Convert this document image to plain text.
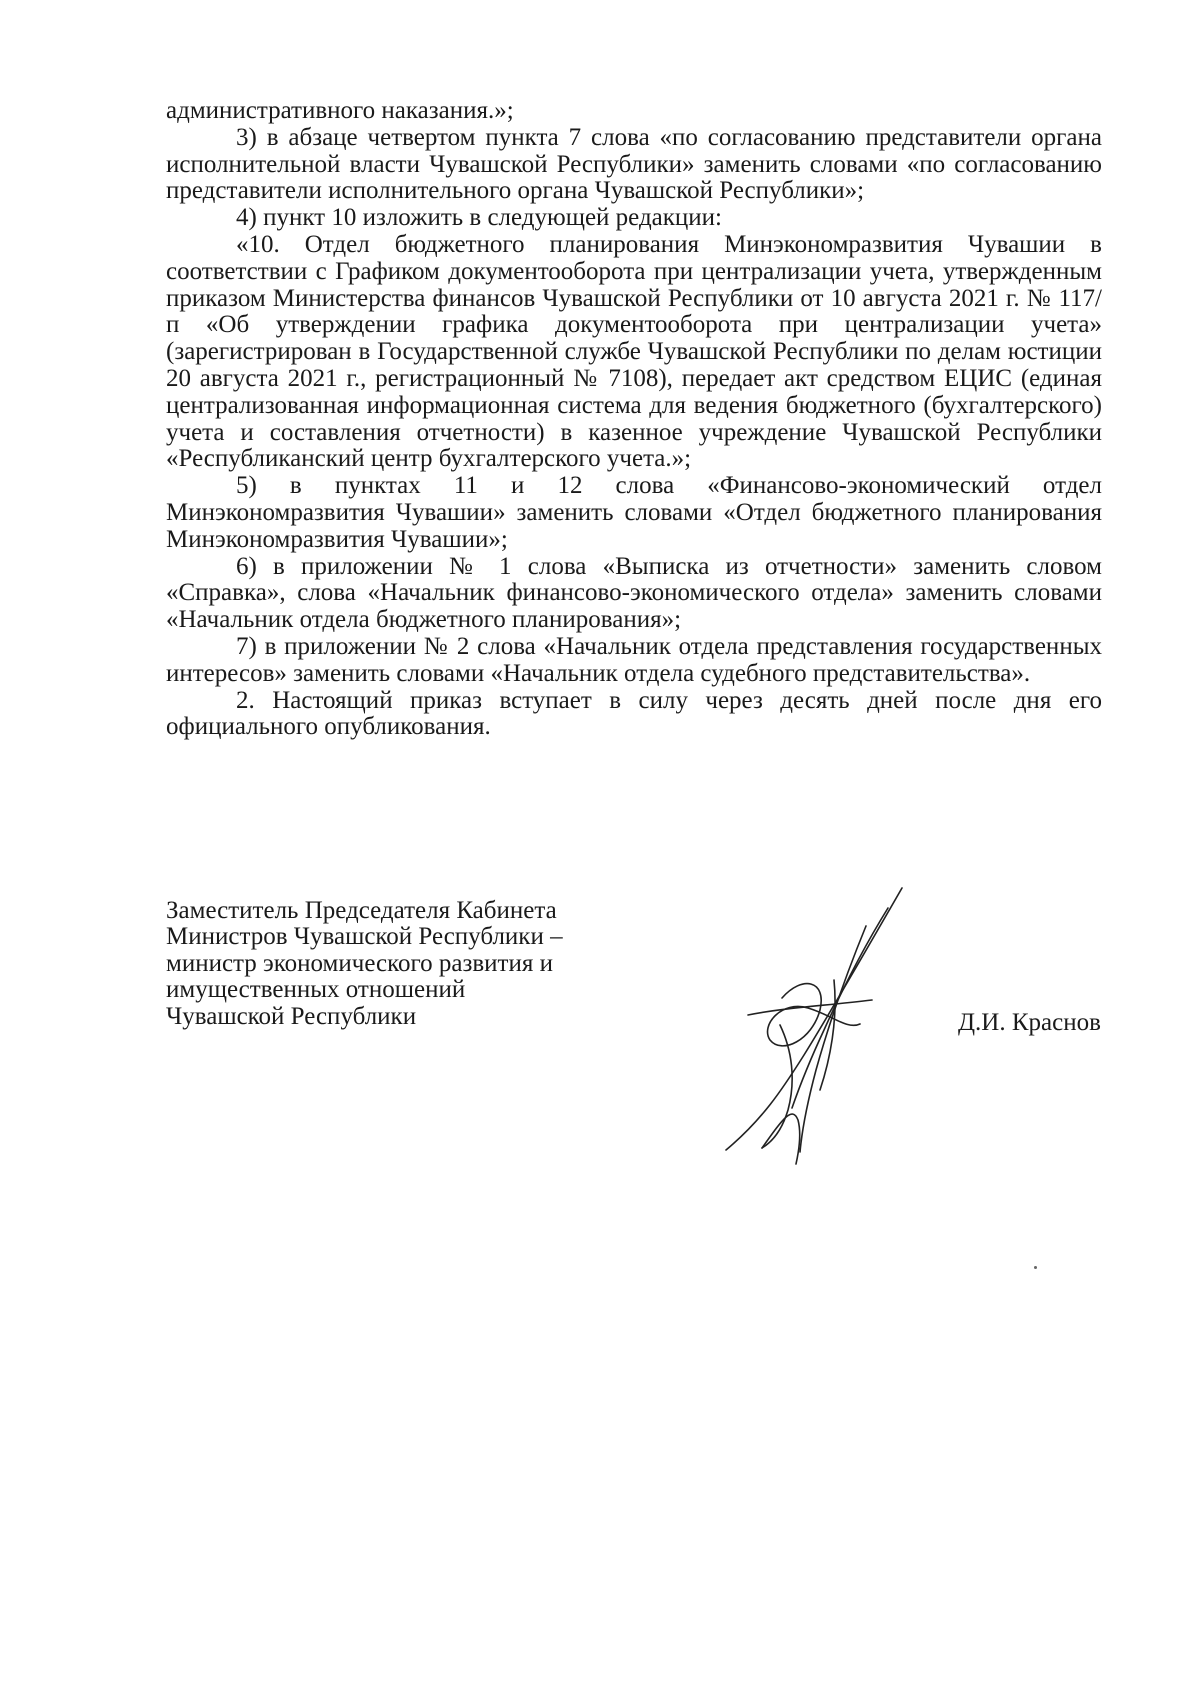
административного наказания.»;

3) в абзаце четвертом пункта 7 слова «по согласованию представители органа исполнительной власти Чувашской Республики» заменить словами «по согласованию представители исполнительного органа Чувашской Республики»;

4) пункт 10 изложить в следующей редакции:

«10. Отдел бюджетного планирования Минэкономразвития Чувашии в соответствии с Графиком документооборота при централизации учета, утвержденным приказом Министерства финансов Чувашской Республики от 10 августа 2021 г. № 117/п «Об утверждении графика документооборота при централизации учета» (зарегистрирован в Государственной службе Чувашской Республики по делам юстиции 20 августа 2021 г., регистрационный № 7108), передает акт средством ЕЦИС (единая централизованная информационная система для ведения бюджетного (бухгалтерского) учета и составления отчетности) в казенное учреждение Чувашской Республики «Республиканский центр бухгалтерского учета.»;

5) в пунктах 11 и 12 слова «Финансово-экономический отдел Минэкономразвития Чувашии» заменить словами «Отдел бюджетного планирования Минэкономразвития Чувашии»;

6) в приложении № 1 слова «Выписка из отчетности» заменить словом «Справка», слова «Начальник финансово-экономического отдела» заменить словами «Начальник отдела бюджетного планирования»;

7) в приложении № 2 слова «Начальник отдела представления государственных интересов» заменить словами «Начальник отдела судебного представительства».

2. Настоящий приказ вступает в силу через десять дней после дня его официального опубликования.

Заместитель Председателя Кабинета
Министров Чувашской Республики –
министр экономического развития и
имущественных отношений
Чувашской Республики	Д.И. Краснов
